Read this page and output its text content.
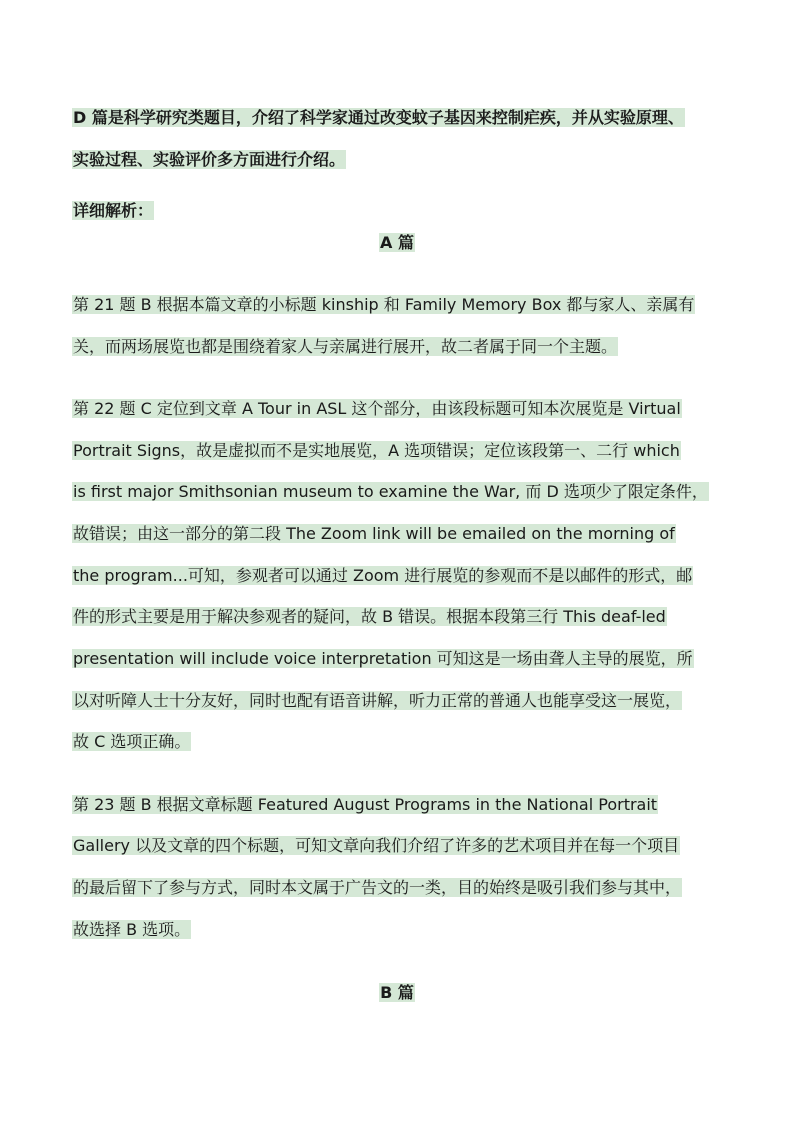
D 篇是科学研究类题目，介绍了科学家通过改变蚊子基因来控制疟疾，并从实验原理、
实验过程、实验评价多方面进行介绍。
详细解析：
A 篇
第 21 题 B 根据本篇文章的小标题 kinship 和 Family Memory Box 都与家人、亲属有
关，而两场展览也都是围绕着家人与亲属进行展开，故二者属于同一个主题。
第 22 题 C 定位到文章 A Tour in ASL 这个部分，由该段标题可知本次展览是 Virtual
Portrait Signs，故是虚拟而不是实地展览，A 选项错误；定位该段第一、二行 which
is first major Smithsonian museum to examine the War, 而 D 选项少了限定条件，
故错误；由这一部分的第二段 The Zoom link will be emailed on the morning of
the program...可知，参观者可以通过 Zoom 进行展览的参观而不是以邮件的形式，邮
件的形式主要是用于解决参观者的疑问，故 B 错误。根据本段第三行 This deaf-led
presentation will include voice interpretation 可知这是一场由聋人主导的展览，所
以对听障人士十分友好，同时也配有语音讲解，听力正常的普通人也能享受这一展览，
故 C 选项正确。
第 23 题 B 根据文章标题 Featured August Programs in the National Portrait
Gallery 以及文章的四个标题，可知文章向我们介绍了许多的艺术项目并在每一个项目
的最后留下了参与方式，同时本文属于广告文的一类，目的始终是吸引我们参与其中，
故选择 B 选项。
B 篇
